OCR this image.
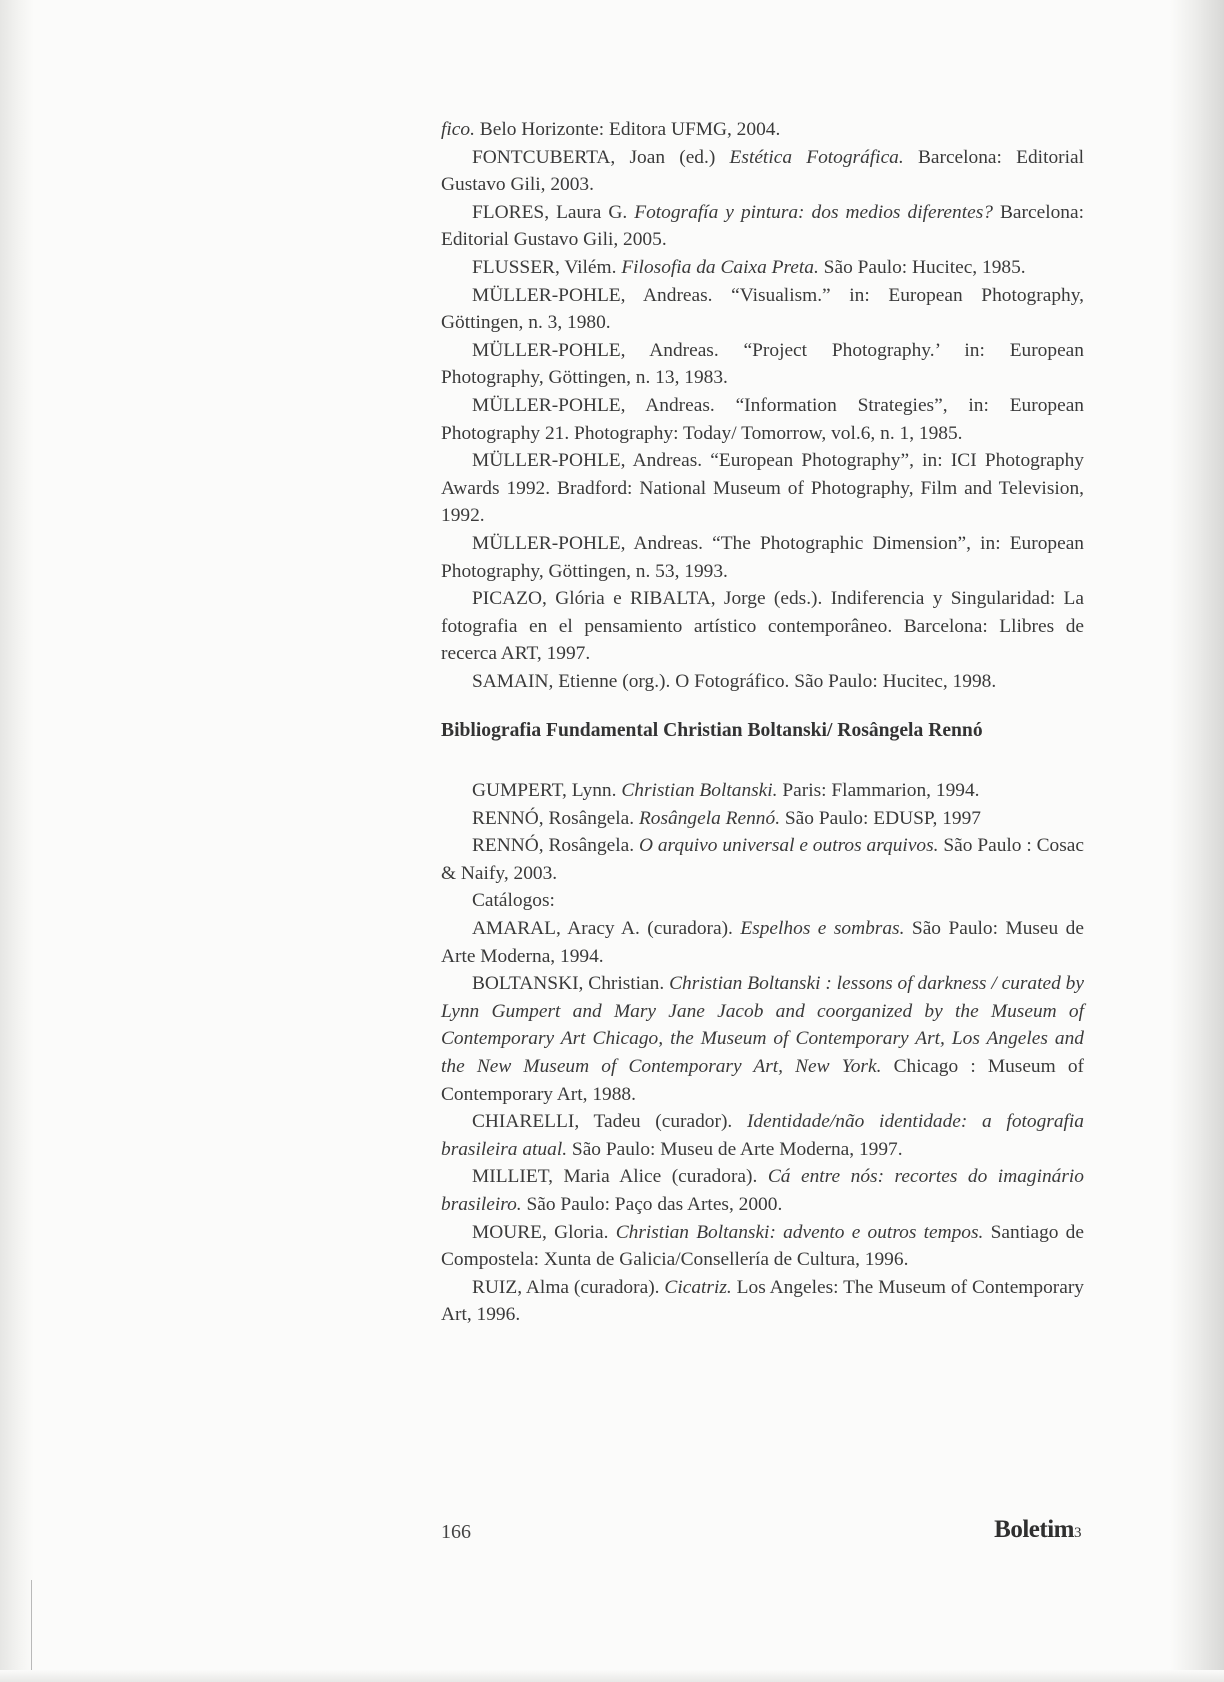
fico. Belo Horizonte: Editora UFMG, 2004.

FONTCUBERTA, Joan (ed.) Estética Fotográfica. Barcelona: Editorial Gustavo Gili, 2003.

FLORES, Laura G. Fotografía y pintura: dos medios diferentes? Barcelona: Editorial Gustavo Gili, 2005.

FLUSSER, Vilém. Filosofia da Caixa Preta. São Paulo: Hucitec, 1985.

MÜLLER-POHLE, Andreas. “Visualism.” in: European Photography, Göttingen, n. 3, 1980.

MÜLLER-POHLE, Andreas. “Project Photography.’ in: European Photography, Göttingen, n. 13, 1983.

MÜLLER-POHLE, Andreas. “Information Strategies”, in: European Photography 21. Photography: Today/ Tomorrow, vol.6, n. 1, 1985.

MÜLLER-POHLE, Andreas. “European Photography”, in: ICI Photography Awards 1992. Bradford: National Museum of Photography, Film and Television, 1992.

MÜLLER-POHLE, Andreas. “The Photographic Dimension”, in: European Photography, Göttingen, n. 53, 1993.

PICAZO, Glória e RIBALTA, Jorge (eds.). Indiferencia y Singularidad: La fotografia en el pensamiento artístico contemporâneo. Barcelona: Llibres de recerca ART, 1997.

SAMAIN, Etienne (org.). O Fotográfico. São Paulo: Hucitec, 1998.

Bibliografia Fundamental Christian Boltanski/ Rosângela Rennó

GUMPERT, Lynn. Christian Boltanski. Paris: Flammarion, 1994.

RENNÓ, Rosângela. Rosângela Rennó. São Paulo: EDUSP, 1997

RENNÓ, Rosângela. O arquivo universal e outros arquivos. São Paulo : Cosac & Naify, 2003.

Catálogos:

AMARAL, Aracy A. (curadora). Espelhos e sombras. São Paulo: Museu de Arte Moderna, 1994.

BOLTANSKI, Christian. Christian Boltanski : lessons of darkness / curated by Lynn Gumpert and Mary Jane Jacob and coorganized by the Museum of Contemporary Art Chicago, the Museum of Contemporary Art, Los Angeles and the New Museum of Contemporary Art, New York. Chicago : Museum of Contemporary Art, 1988.

CHIARELLI, Tadeu (curador). Identidade/não identidade: a fotografia brasileira atual. São Paulo: Museu de Arte Moderna, 1997.

MILLIET, Maria Alice (curadora). Cá entre nós: recortes do imaginário brasileiro. São Paulo: Paço das Artes, 2000.

MOURE, Gloria. Christian Boltanski: advento e outros tempos. Santiago de Compostela: Xunta de Galicia/Consellería de Cultura, 1996.

RUIZ, Alma (curadora). Cicatriz. Los Angeles: The Museum of Contemporary Art, 1996.

166	Boletim3
